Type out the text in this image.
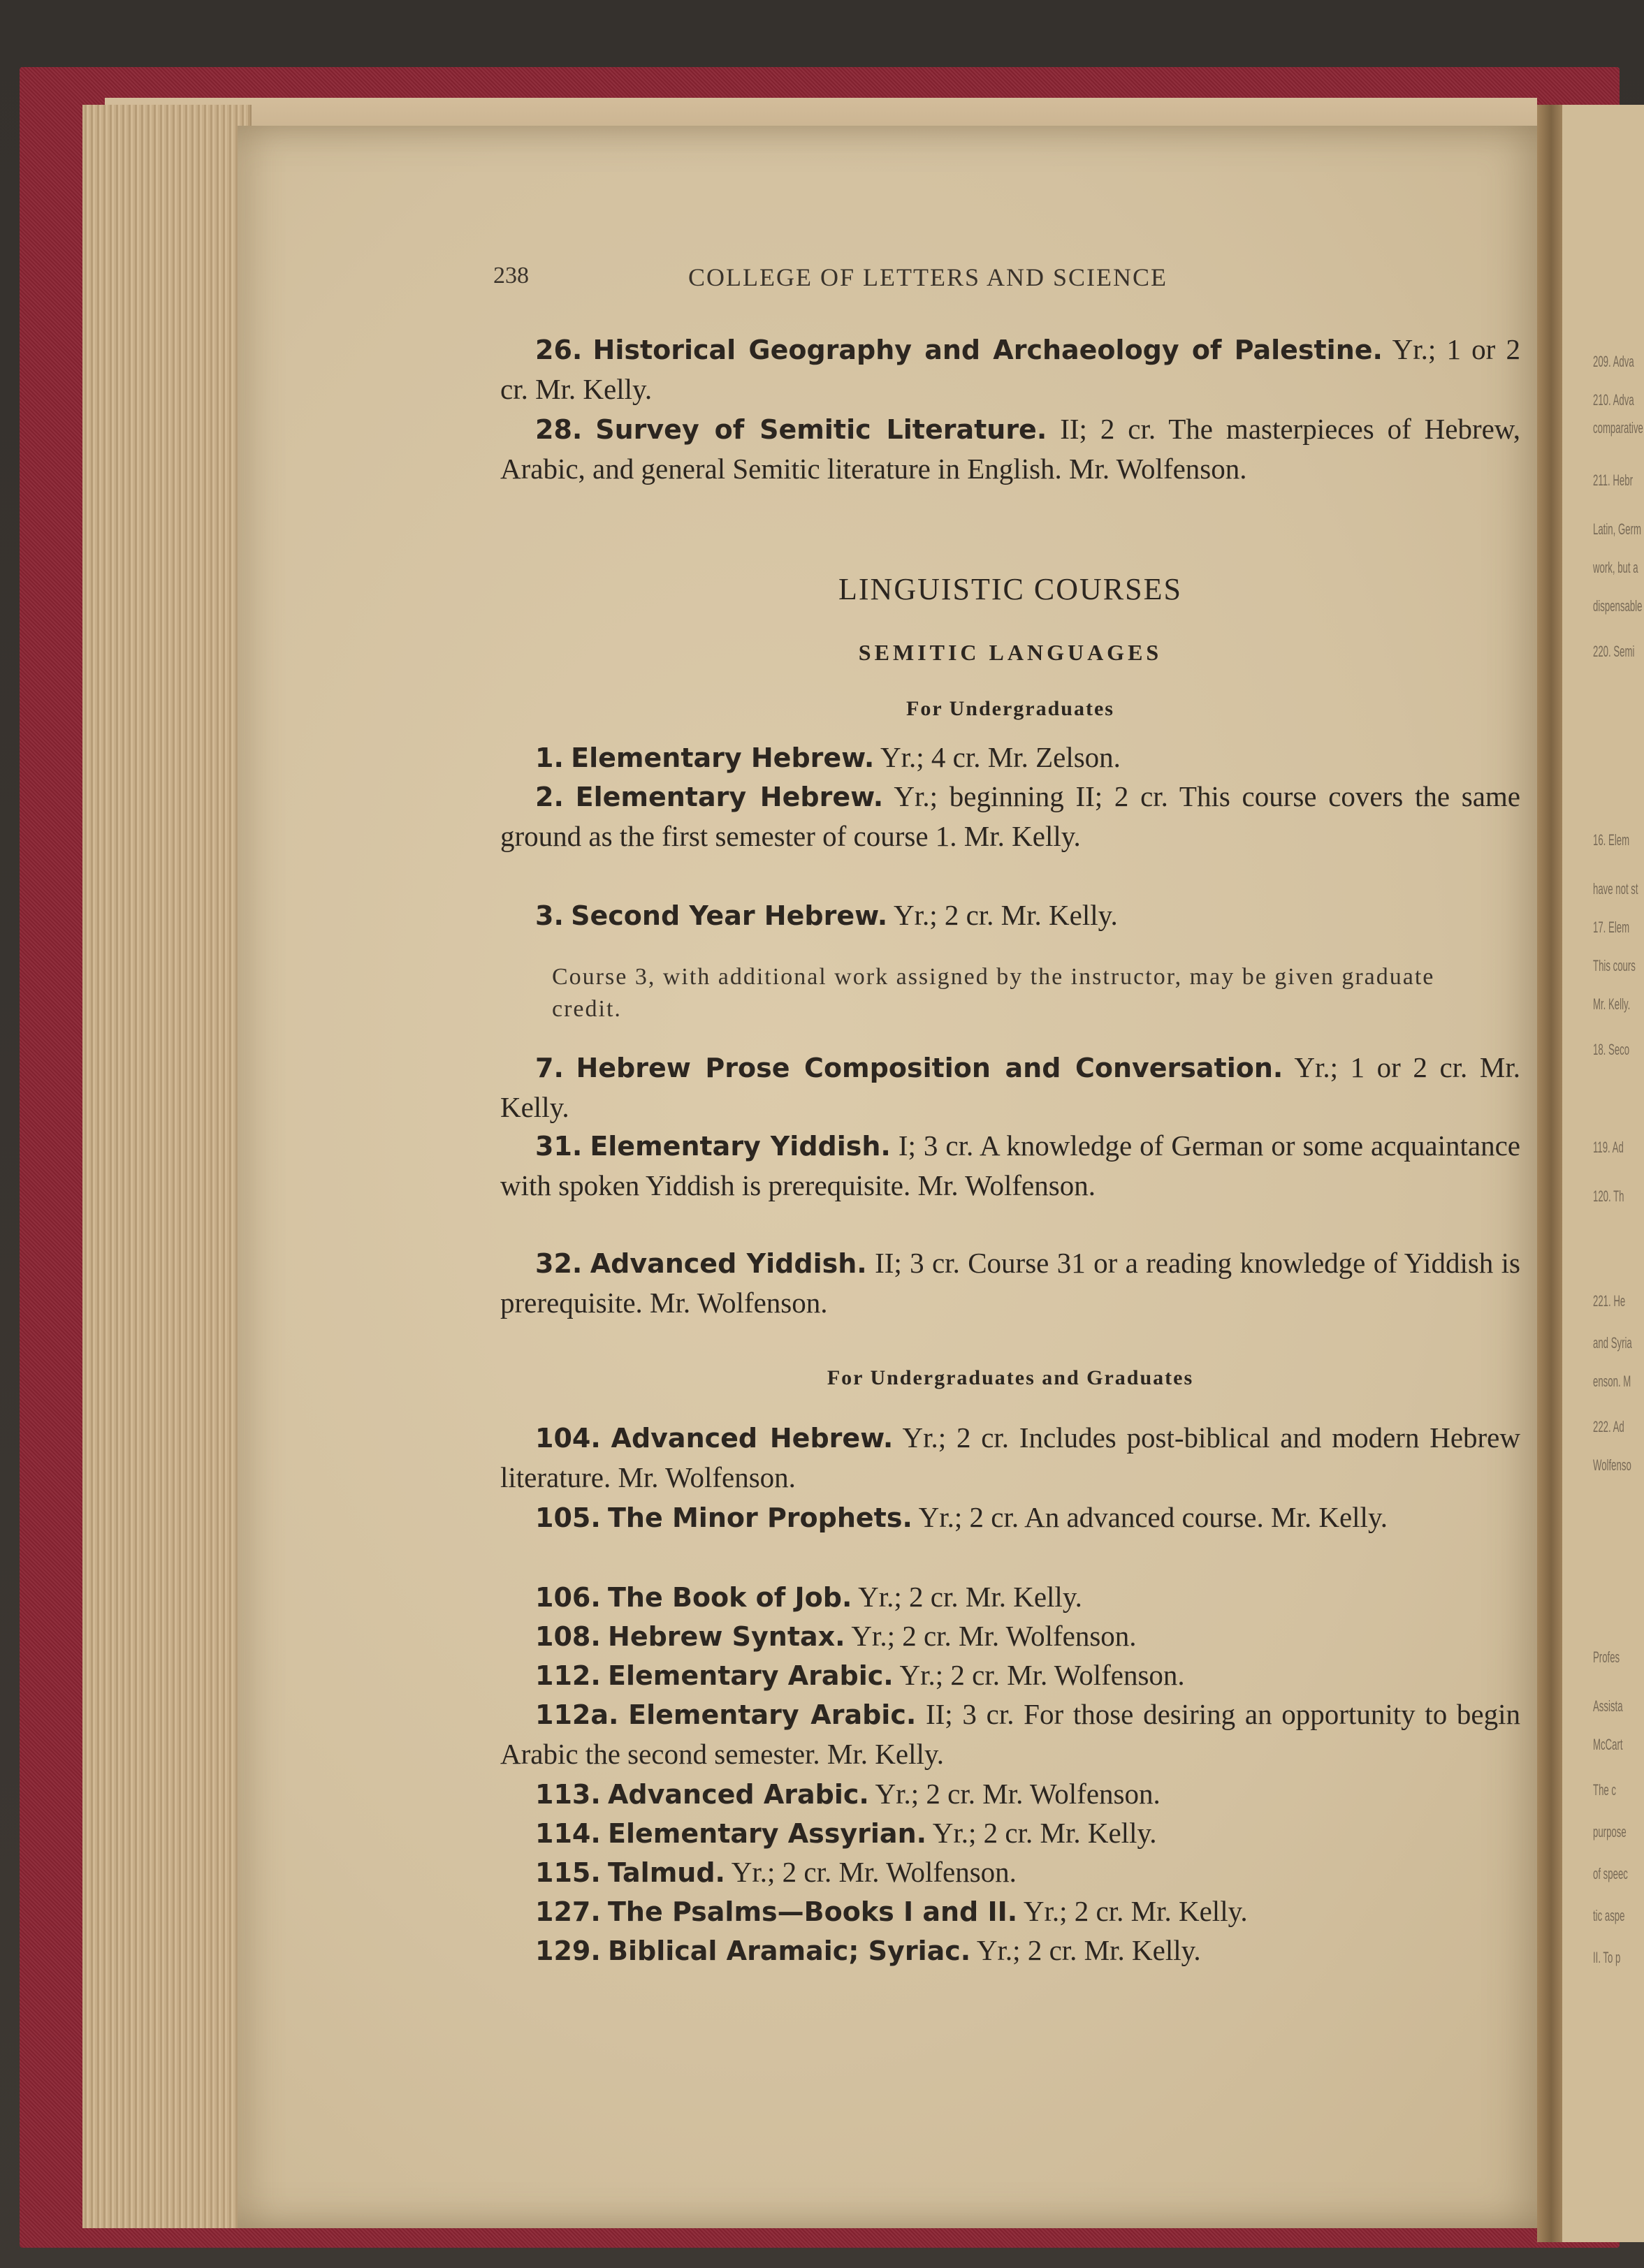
209. Adva
210. Adva
comparative
211. Hebr
Latin, Germ
work, but a
dispensable
220. Semi
16. Elem
have not st
17. Elem
This cours
Mr. Kelly.
18. Seco
119. Ad
120. Th
221. He
and Syria
enson. M
222. Ad
Wolfenso
Profes
Assista
McCart
The c
purpose
of speec
tic aspe
II. To p
238	COLLEGE OF LETTERS AND SCIENCE

26. Historical Geography and Archaeology of Palestine. Yr.; 1 or 2 cr. Mr. Kelly.

28. Survey of Semitic Literature. II; 2 cr. The masterpieces of Hebrew, Arabic, and general Semitic literature in English. Mr. Wolfenson.

LINGUISTIC COURSES

SEMITIC LANGUAGES

For Undergraduates

1. Elementary Hebrew. Yr.; 4 cr. Mr. Zelson.

2. Elementary Hebrew. Yr.; beginning II; 2 cr. This course covers the same ground as the first semester of course 1. Mr. Kelly.

3. Second Year Hebrew. Yr.; 2 cr. Mr. Kelly.

Course 3, with additional work assigned by the instructor, may be given graduate credit.

7. Hebrew Prose Composition and Conversation. Yr.; 1 or 2 cr. Mr. Kelly.

31. Elementary Yiddish. I; 3 cr. A knowledge of German or some acquaintance with spoken Yiddish is prerequisite. Mr. Wolfenson.

32. Advanced Yiddish. II; 3 cr. Course 31 or a reading knowledge of Yiddish is prerequisite. Mr. Wolfenson.

For Undergraduates and Graduates

104. Advanced Hebrew. Yr.; 2 cr. Includes post-biblical and modern Hebrew literature. Mr. Wolfenson.

105. The Minor Prophets. Yr.; 2 cr. An advanced course. Mr. Kelly.

106. The Book of Job. Yr.; 2 cr. Mr. Kelly.

108. Hebrew Syntax. Yr.; 2 cr. Mr. Wolfenson.

112. Elementary Arabic. Yr.; 2 cr. Mr. Wolfenson.

112a. Elementary Arabic. II; 3 cr. For those desiring an opportunity to begin Arabic the second semester. Mr. Kelly.

113. Advanced Arabic. Yr.; 2 cr. Mr. Wolfenson.

114. Elementary Assyrian. Yr.; 2 cr. Mr. Kelly.

115. Talmud. Yr.; 2 cr. Mr. Wolfenson.

127. The Psalms—Books I and II. Yr.; 2 cr. Mr. Kelly.

129. Biblical Aramaic; Syriac. Yr.; 2 cr. Mr. Kelly.
